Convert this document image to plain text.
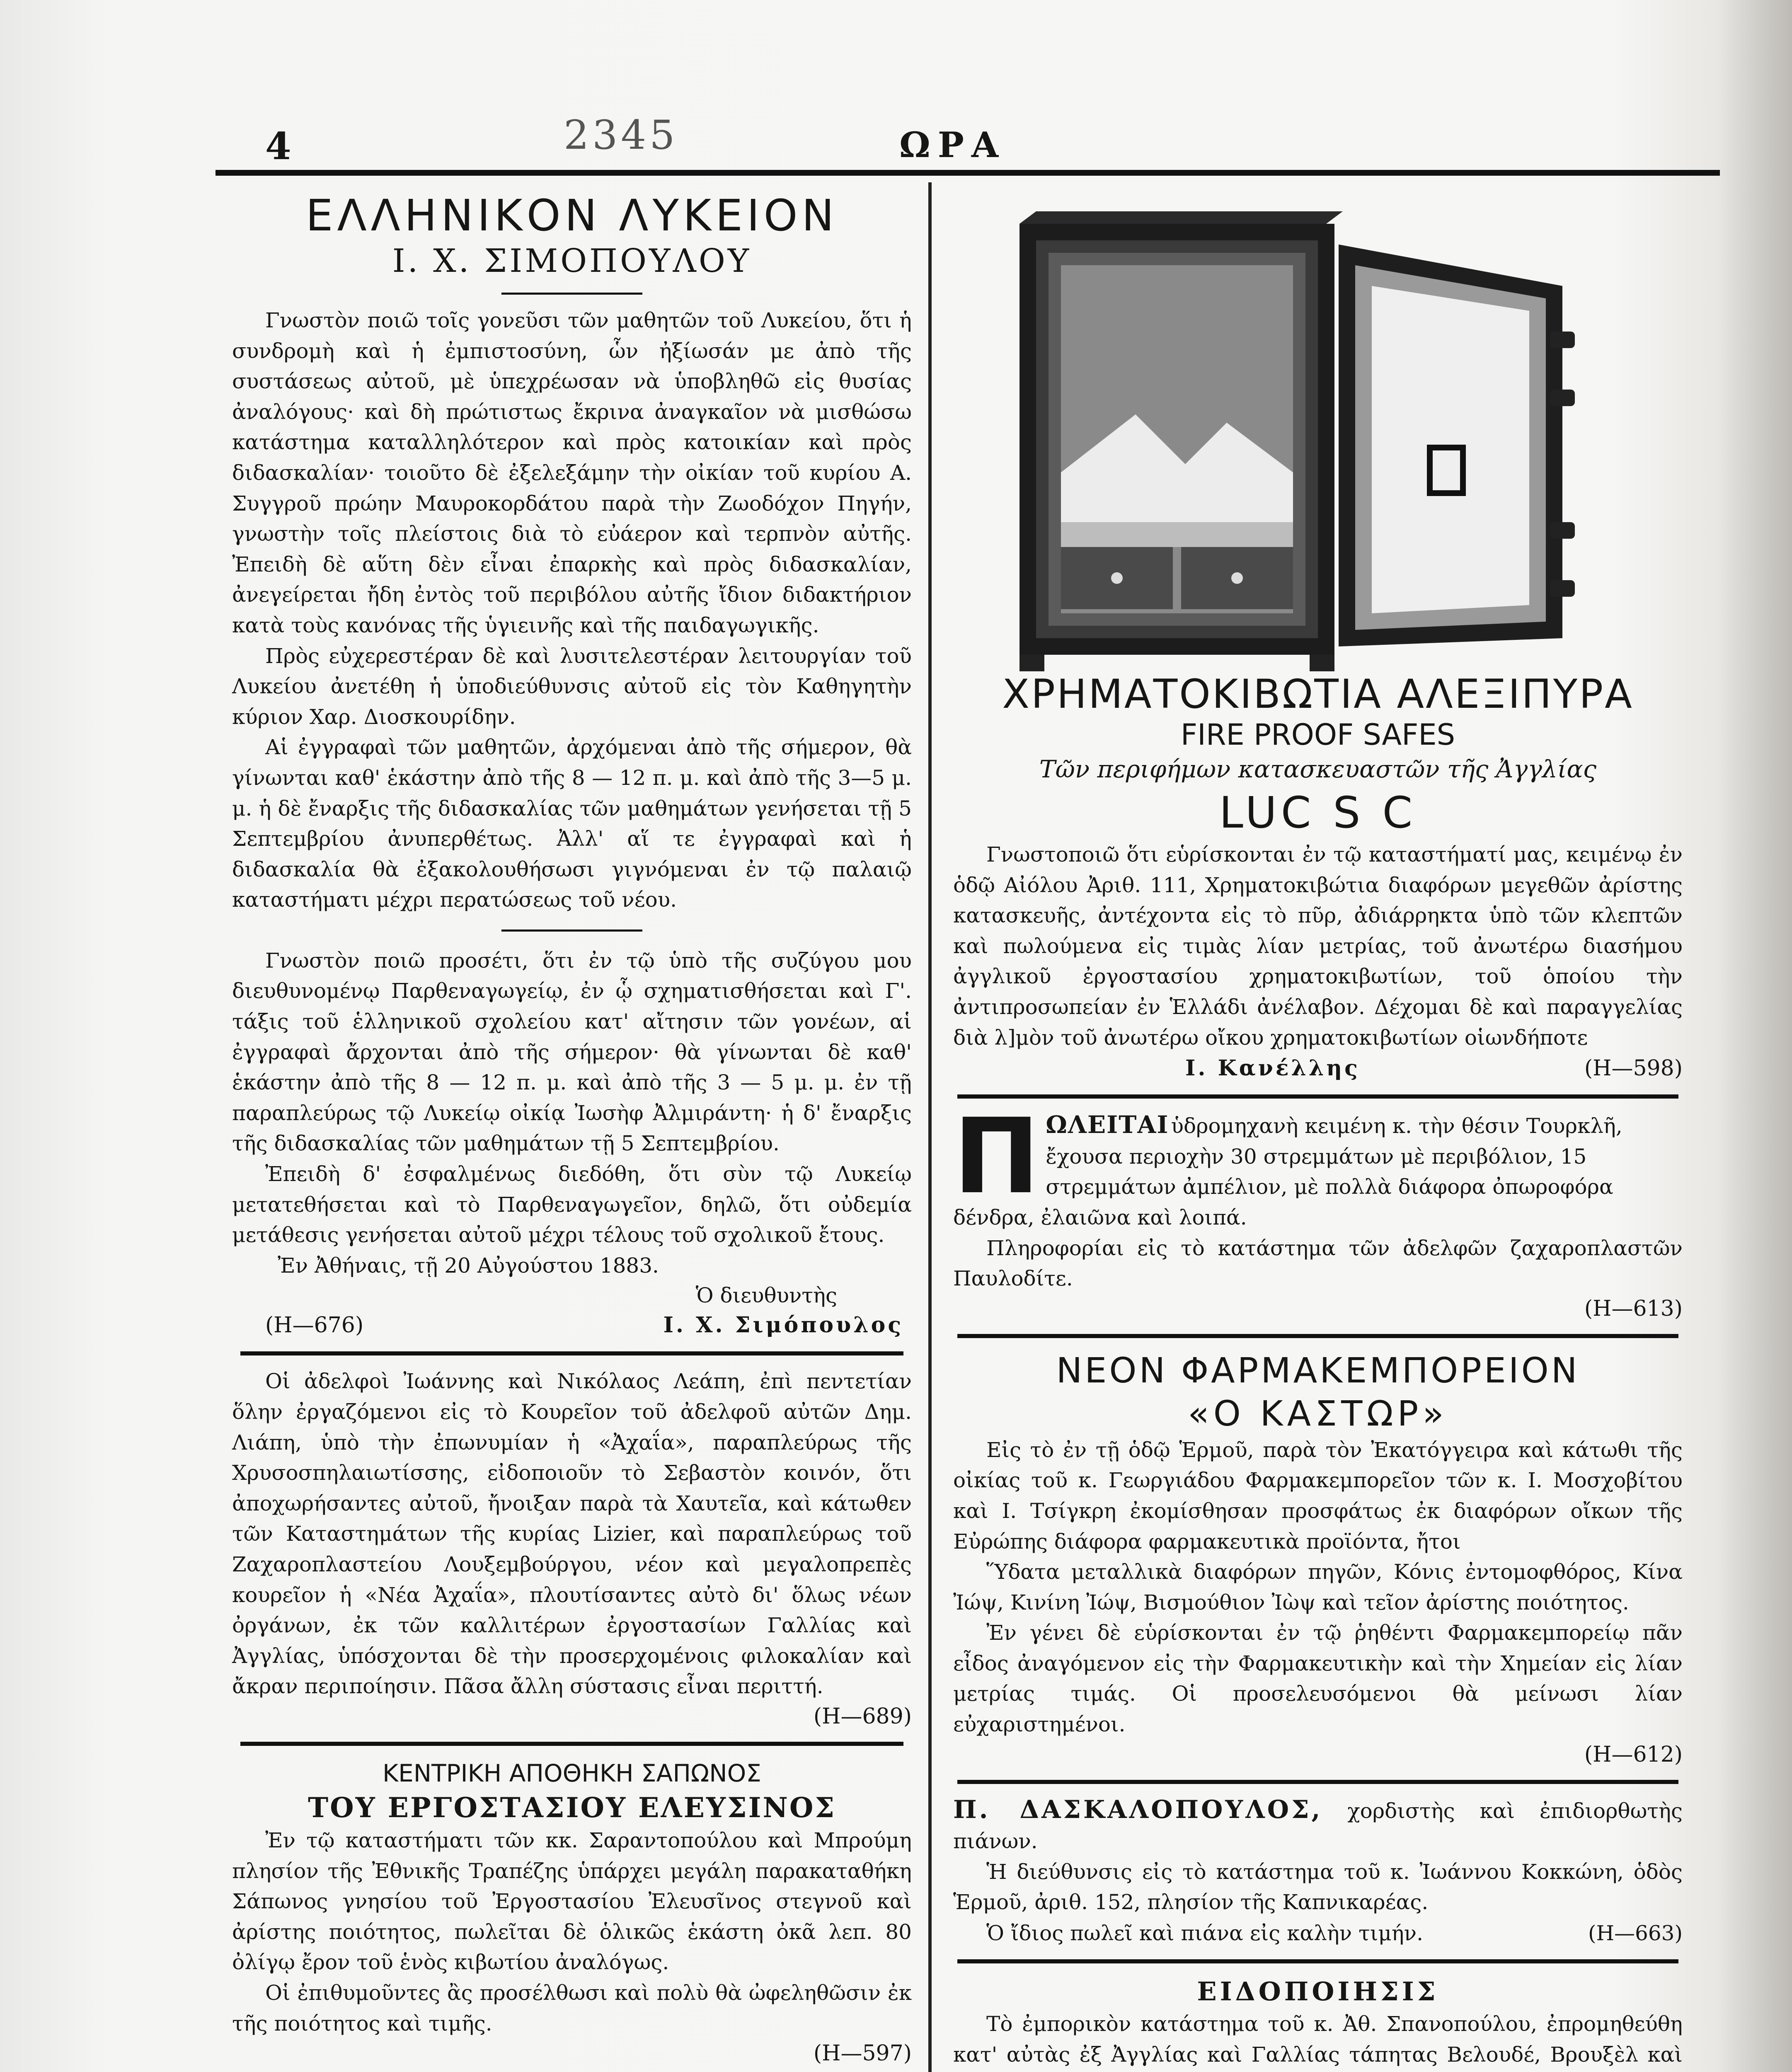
4	2345	ΩΡΑ
ΕΛΛΗΝΙΚΟΝ ΛΥΚΕΙΟΝ
Ι. Χ. ΣΙΜΟΠΟΥΛΟΥ

Γνωστὸν ποιῶ τοῖς γονεῦσι τῶν μαθητῶν τοῦ Λυκείου, ὅτι ἡ συνδρομὴ καὶ ἡ ἐμπιστοσύνη, ὧν ἠξίωσάν με ἀπὸ τῆς συστάσεως αὐτοῦ, μὲ ὑπεχρέωσαν νὰ ὑποβληθῶ εἰς θυσίας ἀναλόγους· καὶ δὴ πρώτιστως ἔκρινα ἀναγκαῖον νὰ μισθώσω κατάστημα καταλληλότερον καὶ πρὸς κατοικίαν καὶ πρὸς διδασκαλίαν· τοιοῦτο δὲ ἐξελεξάμην τὴν οἰκίαν τοῦ κυρίου Α. Συγγροῦ πρώην Μαυροκορδάτου παρὰ τὴν Ζωοδόχον Πηγήν, γνωστὴν τοῖς πλείστοις διὰ τὸ εὐάερον καὶ τερπνὸν αὐτῆς. Ἐπειδὴ δὲ αὕτη δὲν εἶναι ἐπαρκὴς καὶ πρὸς διδασκαλίαν, ἀνεγείρεται ἤδη ἐντὸς τοῦ περιβόλου αὐτῆς ἴδιον διδακτήριον κατὰ τοὺς κανόνας τῆς ὑγιεινῆς καὶ τῆς παιδαγωγικῆς.

Πρὸς εὐχερεστέραν δὲ καὶ λυσιτελεστέραν λειτουργίαν τοῦ Λυκείου ἀνετέθη ἡ ὑποδιεύθυνσις αὐτοῦ εἰς τὸν Καθηγητὴν κύριον Χαρ. Διοσκουρίδην.

Αἱ ἐγγραφαὶ τῶν μαθητῶν, ἀρχόμεναι ἀπὸ τῆς σήμερον, θὰ γίνωνται καθ' ἑκάστην ἀπὸ τῆς 8 — 12 π. μ. καὶ ἀπὸ τῆς 3—5 μ. μ. ἡ δὲ ἔναρξις τῆς διδασκαλίας τῶν μαθημάτων γενήσεται τῇ 5 Σεπτεμβρίου ἀνυπερθέτως. Ἀλλ' αἵ τε ἐγγραφαὶ καὶ ἡ διδασκαλία θὰ ἐξακολουθήσωσι γιγνόμεναι ἐν τῷ παλαιῷ καταστήματι μέχρι περατώσεως τοῦ νέου.

Γνωστὸν ποιῶ προσέτι, ὅτι ἐν τῷ ὑπὸ τῆς συζύγου μου διευθυνομένῳ Παρθεναγωγείῳ, ἐν ᾧ σχηματισθήσεται καὶ Γ'. τάξις τοῦ ἑλληνικοῦ σχολείου κατ' αἴτησιν τῶν γονέων, αἱ ἐγγραφαὶ ἄρχονται ἀπὸ τῆς σήμερον· θὰ γίνωνται δὲ καθ' ἑκάστην ἀπὸ τῆς 8 — 12 π. μ. καὶ ἀπὸ τῆς 3 — 5 μ. μ. ἐν τῇ παραπλεύρως τῷ Λυκείῳ οἰκίᾳ Ἰωσὴφ Ἀλμιράντη· ἡ δ' ἔναρξις τῆς διδασκαλίας τῶν μαθημάτων τῇ 5 Σεπτεμβρίου.

Ἐπειδὴ δ' ἐσφαλμένως διεδόθη, ὅτι σὺν τῷ Λυκείῳ μετατεθήσεται καὶ τὸ Παρθεναγωγεῖον, δηλῶ, ὅτι οὐδεμία μετάθεσις γενήσεται αὐτοῦ μέχρι τέλους τοῦ σχολικοῦ ἔτους.

Ἐν Ἀθήναις, τῇ 20 Αὐγούστου 1883.
Ὁ διευθυντὴς
(Η—676)	Ι. Χ. Σιμόπουλος

Οἱ ἀδελφοὶ Ἰωάννης καὶ Νικόλαος Λεάπη, ἐπὶ πεντετίαν ὅλην ἐργαζόμενοι εἰς τὸ Κουρεῖον τοῦ ἀδελφοῦ αὐτῶν Δημ. Λιάπη, ὑπὸ τὴν ἐπωνυμίαν ἡ «Ἀχαΐα», παραπλεύρως τῆς Χρυσοσπηλαιωτίσσης, εἰδοποιοῦν τὸ Σεβαστὸν κοινόν, ὅτι ἀποχωρήσαντες αὐτοῦ, ἤνοιξαν παρὰ τὰ Χαυτεῖα, καὶ κάτωθεν τῶν Καταστημάτων τῆς κυρίας Lizier, καὶ παραπλεύρως τοῦ Ζαχαροπλαστείου Λουξεμβούργου, νέον καὶ μεγαλοπρεπὲς κουρεῖον ἡ «Νέα Ἀχαΐα», πλουτίσαντες αὐτὸ δι' ὅλως νέων ὀργάνων, ἐκ τῶν καλλιτέρων ἐργοστασίων Γαλλίας καὶ Ἀγγλίας, ὑπόσχονται δὲ τὴν προσερχομένοις φιλοκαλίαν καὶ ἄκραν περιποίησιν. Πᾶσα ἄλλη σύστασις εἶναι περιττή.

(Η—689)
ΚΕΝΤΡΙΚΗ ΑΠΟΘΗΚΗ ΣΑΠΩΝΟΣ
ΤΟΥ ΕΡΓΟΣΤΑΣΙΟΥ ΕΛΕΥΣΙΝΟΣ

Ἐν τῷ καταστήματι τῶν κκ. Σαραντοπούλου καὶ Μπρούμη πλησίον τῆς Ἐθνικῆς Τραπέζης ὑπάρχει μεγάλη παρακαταθήκη Σάπωνος γνησίου τοῦ Ἐργοστασίου Ἐλευσῖνος στεγνοῦ καὶ ἀρίστης ποιότητος, πωλεῖται δὲ ὁλικῶς ἑκάστη ὀκᾶ λεπ. 80 ὀλίγῳ ἔρον τοῦ ἑνὸς κιβωτίου ἀναλόγως.

Οἱ ἐπιθυμοῦντες ἂς προσέλθωσι καὶ πολὺ θὰ ὠφεληθῶσιν ἐκ τῆς ποιότητος καὶ τιμῆς.

(Η—597)
ΧΡΗΜΑΤΟΚΙΒΩΤΙΑ ΑΛΕΞΙΠΥΡΑ
FIRE PROOF SAFES
Τῶν περιφήμων κατασκευαστῶν τῆς Ἀγγλίας
LUC S C

Γνωστοποιῶ ὅτι εὑρίσκονται ἐν τῷ καταστήματί μας, κειμένῳ ἐν ὁδῷ Αἰόλου Ἀριθ. 111, Χρηματοκιβώτια διαφόρων μεγεθῶν ἀρίστης κατασκευῆς, ἀντέχοντα εἰς τὸ πῦρ, ἀδιάρρηκτα ὑπὸ τῶν κλεπτῶν καὶ πωλούμενα εἰς τιμὰς λίαν μετρίας, τοῦ ἀνωτέρω διασήμου ἀγγλικοῦ ἐργοστασίου χρηματοκιβωτίων, τοῦ ὁποίου τὴν ἀντιπροσωπείαν ἐν Ἑλλάδι ἀνέλαβον. Δέχομαι δὲ καὶ παραγγελίας διὰ λ]μὸν τοῦ ἀνωτέρω οἴκου χρηματοκιβωτίων οἱωνδήποτε

Ι. Κανέλλης	(Η—598)
Π ΩΛΕΙΤΑΙ ὑδρομηχανὴ κειμένη κ. τὴν θέσιν Τουρκλῆ, ἔχουσα περιοχὴν 30 στρεμμάτων μὲ περιβόλιον, 15 στρεμμάτων ἀμπέλιον, μὲ πολλὰ διάφορα ὀπωροφόρα δένδρα, ἐλαιῶνα καὶ λοιπά.

Πληροφορίαι εἰς τὸ κατάστημα τῶν ἀδελφῶν ζαχαροπλαστῶν Παυλοδίτε.

(Η—613)
ΝΕΟΝ ΦΑΡΜΑΚΕΜΠΟΡΕΙΟΝ
«Ο ΚΑΣΤΩΡ»

Εἰς τὸ ἐν τῇ ὁδῷ Ἑρμοῦ, παρὰ τὸν Ἐκατόγγειρα καὶ κάτωθι τῆς οἰκίας τοῦ κ. Γεωργιάδου Φαρμακεμπορεῖον τῶν κ. Ι. Μοσχοβίτου καὶ Ι. Τσίγκρη ἐκομίσθησαν προσφάτως ἐκ διαφόρων οἴκων τῆς Εὐρώπης διάφορα φαρμακευτικὰ προϊόντα, ἤτοι

Ὕδατα μεταλλικὰ διαφόρων πηγῶν, Κόνις ἐντομοφθόρος, Κίνα Ἰώψ, Κινίνη Ἰώψ, Βισμούθιον Ἰὼψ καὶ τεῖον ἀρίστης ποιότητος.

Ἐν γένει δὲ εὑρίσκονται ἐν τῷ ῥηθέντι Φαρμακεμπορείῳ πᾶν εἶδος ἀναγόμενον εἰς τὴν Φαρμακευτικὴν καὶ τὴν Χημείαν εἰς λίαν μετρίας τιμάς. Οἱ προσελευσόμενοι θὰ μείνωσι λίαν εὐχαριστημένοι.

(Η—612)

Π. ΔΑΣΚΑΛΟΠΟΥΛΟΣ, χορδιστὴς καὶ ἐπιδιορθωτὴς πιάνων.

Ἡ διεύθυνσις εἰς τὸ κατάστημα τοῦ κ. Ἰωάννου Κοκκώνη, ὁδὸς Ἑρμοῦ, ἀριθ. 152, πλησίον τῆς Καπνικαρέας.

Ὁ ἴδιος πωλεῖ καὶ πιάνα εἰς καλὴν τιμήν.	(Η—663)
ΕΙΔΟΠΟΙΗΣΙΣ

Τὸ ἐμπορικὸν κατάστημα τοῦ κ. Ἀθ. Σπανοπούλου, ἐπρομηθεύθη κατ' αὐτὰς ἐξ Ἀγγλίας καὶ Γαλλίας τάπητας Βελουδέ, Βρουξὲλ καὶ
